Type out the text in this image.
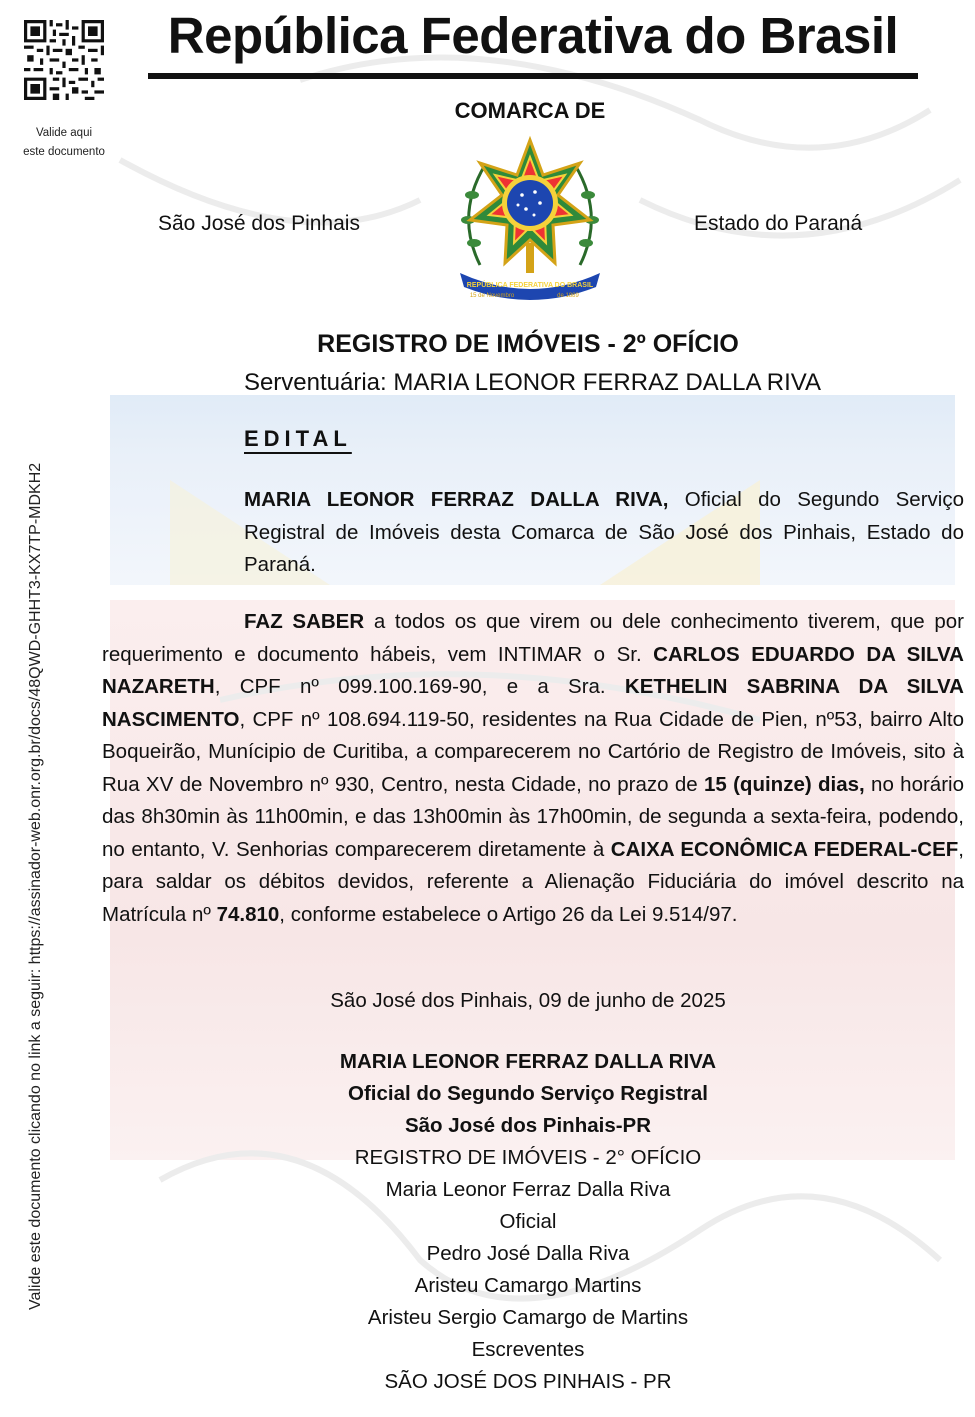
Valide aqui
este documento
Valide este documento clicando no link a seguir: https://assinador-web.onr.org.br/docs/48QWD-GHHT3-KX7TP-MDKH2
República Federativa do Brasil
COMARCA DE
São José dos Pinhais	Estado do Paraná
REPÚBLICA FEDERATIVA DO BRASIL
15 de Novembro	de 1889
REGISTRO DE IMÓVEIS - 2º OFÍCIO
Serventuária: MARIA LEONOR FERRAZ DALLA RIVA
EDITAL
MARIA LEONOR FERRAZ DALLA RIVA, Oficial do Segundo Serviço Registral de Imóveis desta Comarca de São José dos Pinhais, Estado do Paraná.
FAZ SABER a todos os que virem ou dele conhecimento tiverem, que por requerimento e documento hábeis, vem INTIMAR o Sr. CARLOS EDUARDO DA SILVA NAZARETH, CPF nº 099.100.169-90, e a Sra. KETHELIN SABRINA DA SILVA NASCIMENTO, CPF nº 108.694.119-50, residentes na Rua Cidade de Pien, nº53, bairro Alto Boqueirão, Munícipio de Curitiba, a comparecerem no Cartório de Registro de Imóveis, sito à Rua XV de Novembro nº 930, Centro, nesta Cidade, no prazo de 15 (quinze) dias, no horário das 8h30min às 11h00min, e das 13h00min às 17h00min, de segunda a sexta-feira, podendo, no entanto, V. Senhorias comparecerem diretamente à CAIXA ECONÔMICA FEDERAL-CEF, para saldar os débitos devidos, referente a Alienação Fiduciária do imóvel descrito na Matrícula nº 74.810, conforme estabelece o Artigo 26 da Lei 9.514/97.
São José dos Pinhais, 09 de junho de 2025
MARIA LEONOR FERRAZ DALLA RIVA
Oficial do Segundo Serviço Registral
São José dos Pinhais-PR
REGISTRO DE IMÓVEIS - 2° OFÍCIO
Maria Leonor Ferraz Dalla Riva
Oficial
Pedro José Dalla Riva
Aristeu Camargo Martins
Aristeu Sergio Camargo de Martins
Escreventes
SÃO JOSÉ DOS PINHAIS - PR
